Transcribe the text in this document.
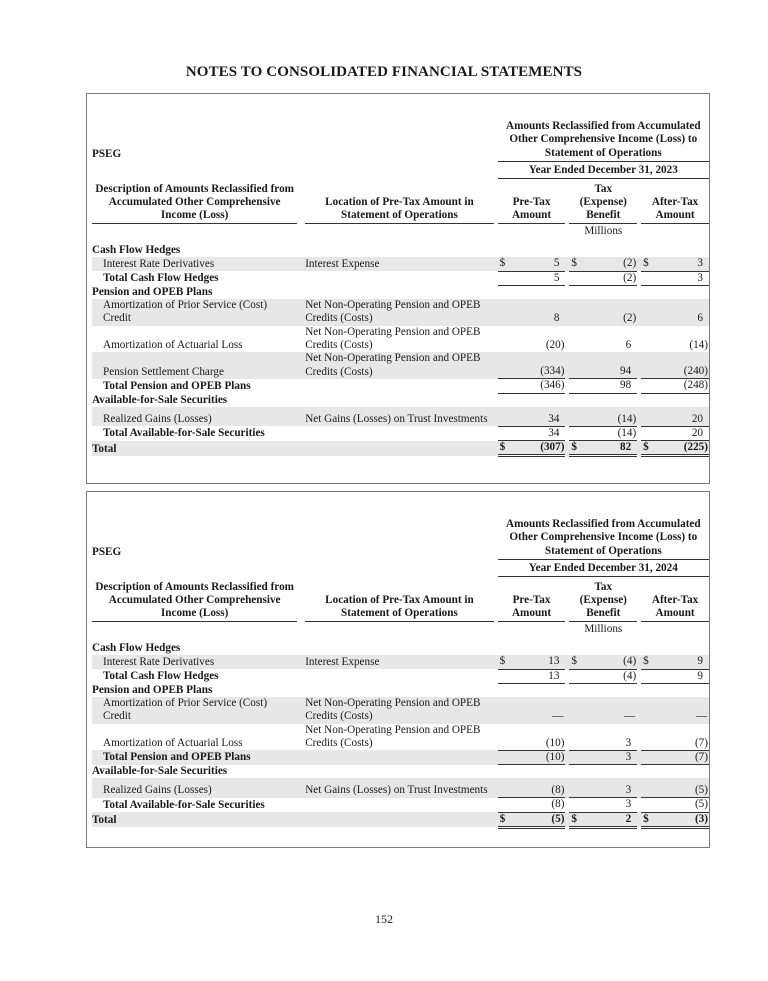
NOTES TO CONSOLIDATED FINANCIAL STATEMENTS
PSEG				Amounts Reclassified from Accumulated Other Comprehensive Income (Loss) to Statement of Operations				
				Year Ended December 31, 2023				
Description of Amounts Reclassified from Accumulated Other Comprehensive Income (Loss)		Location of Pre-Tax Amount in Statement of Operations		Pre-Tax Amount		Tax (Expense) Benefit		After-Tax Amount
						Millions		
Cash Flow Hedges								
Interest Rate Derivatives		Interest Expense		$ 5		$ (2)		$ 3
Total Cash Flow Hedges				5		(2)		3
Pension and OPEB Plans								
Amortization of Prior Service (Cost) Credit		Net Non-Operating Pension and OPEB Credits (Costs)		8		(2)		6
Amortization of Actuarial Loss		Net Non-Operating Pension and OPEB Credits (Costs)		(20)		6		(14)
Pension Settlement Charge		Net Non-Operating Pension and OPEB Credits (Costs)		(334)		94		(240)
Total Pension and OPEB Plans				(346)		98		(248)
Available-for-Sale Securities								
Realized Gains (Losses)		Net Gains (Losses) on Trust Investments		34		(14)		20
Total Available-for-Sale Securities				34		(14)		20
Total				$ (307)		$ 82		$ (225)
PSEG				Amounts Reclassified from Accumulated Other Comprehensive Income (Loss) to Statement of Operations				
				Year Ended December 31, 2024				
Description of Amounts Reclassified from Accumulated Other Comprehensive Income (Loss)		Location of Pre-Tax Amount in Statement of Operations		Pre-Tax Amount		Tax (Expense) Benefit		After-Tax Amount
						Millions		
Cash Flow Hedges								
Interest Rate Derivatives		Interest Expense		$ 13		$ (4)		$ 9
Total Cash Flow Hedges				13		(4)		9
Pension and OPEB Plans								
Amortization of Prior Service (Cost) Credit		Net Non-Operating Pension and OPEB Credits (Costs)		—		—		—
Amortization of Actuarial Loss		Net Non-Operating Pension and OPEB Credits (Costs)		(10)		3		(7)
Total Pension and OPEB Plans				(10)		3		(7)
Available-for-Sale Securities								
Realized Gains (Losses)		Net Gains (Losses) on Trust Investments		(8)		3		(5)
Total Available-for-Sale Securities				(8)		3		(5)
Total				$ (5)		$ 2		$ (3)
152
